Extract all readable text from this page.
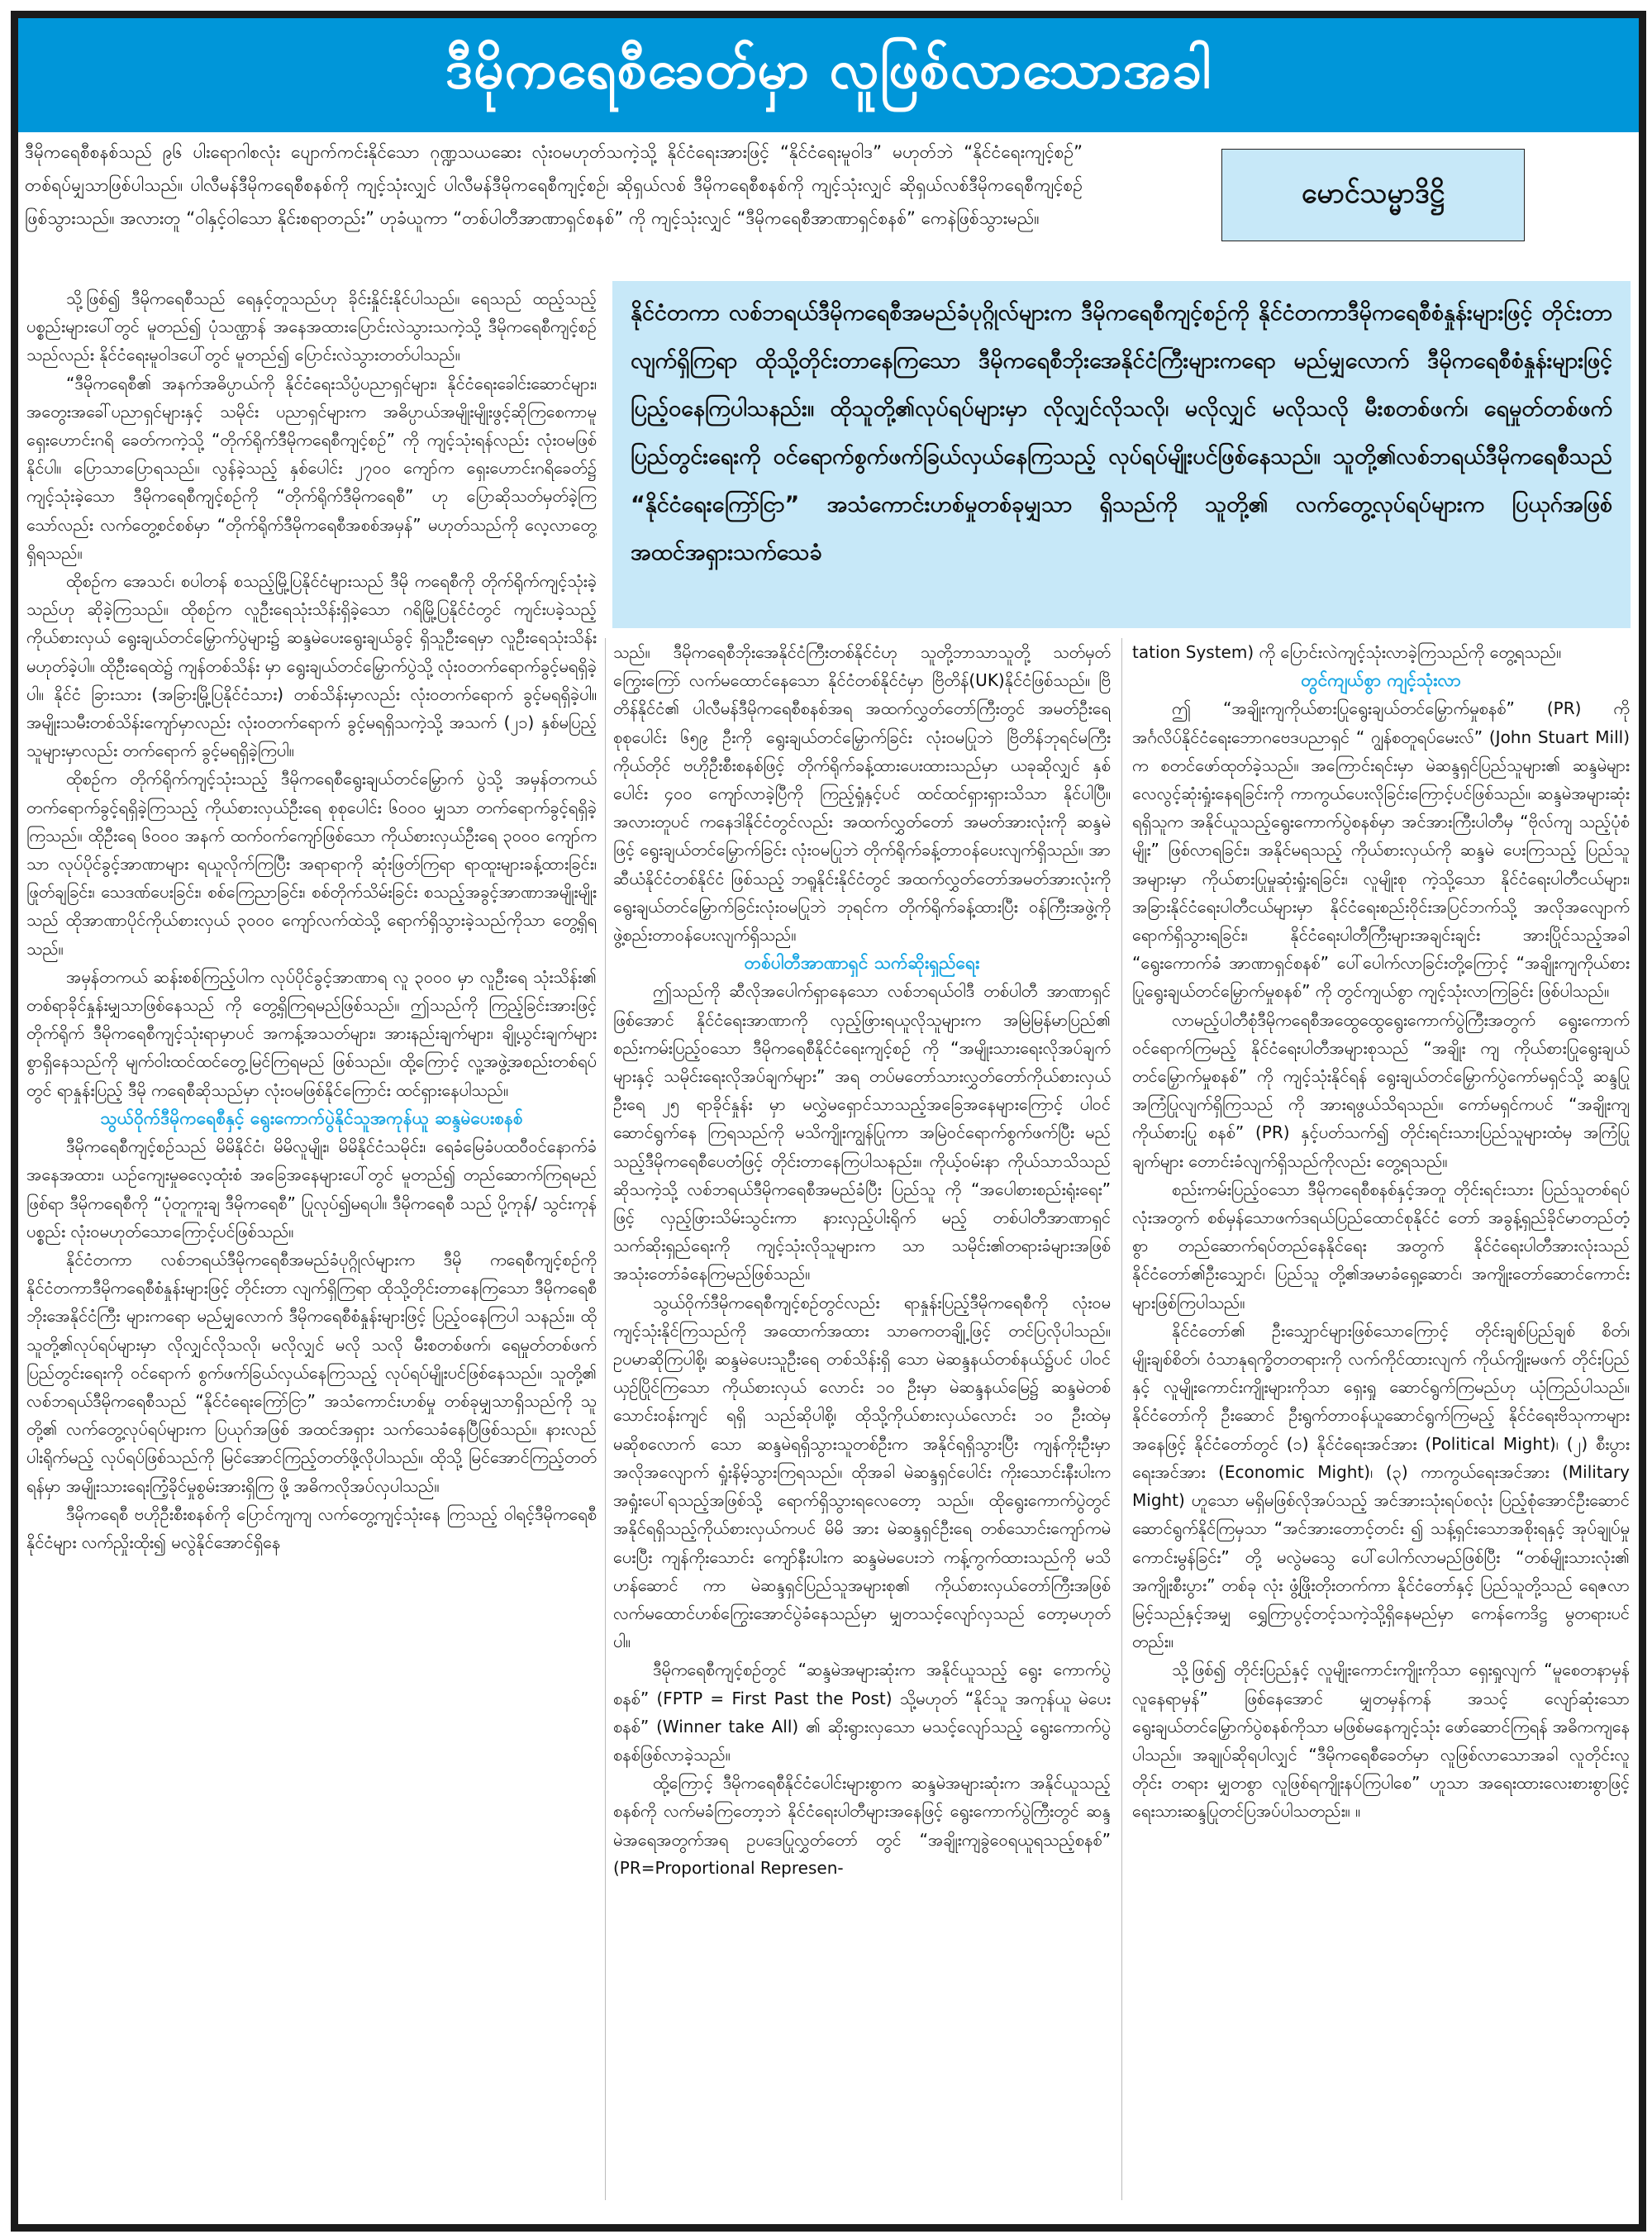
ဒီမိုကရေစီခေတ်မှာ လူဖြစ်လာသောအခါ
ဒီမိုကရေစီစနစ်သည် ၉၆ ပါးရောဂါစလုံး ပျောက်ကင်းနိုင်သော ဂုဏ္ဍသယဆေး လုံးဝမဟုတ်သကဲ့သို့ နိုင်ငံရေးအားဖြင့် “နိုင်ငံရေးမူဝါဒ” မဟုတ်ဘဲ “နိုင်ငံရေးကျင့်စဉ်” တစ်ရပ်မျှသာဖြစ်ပါသည်။ ပါလီမန်ဒီမိုကရေစီစနစ်ကို ကျင့်သုံးလျှင် ပါလီမန်ဒီမိုကရေစီကျင့်စဉ်၊ ဆိုရှယ်လစ် ဒီမိုကရေစီစနစ်ကို ကျင့်သုံးလျှင် ဆိုရှယ်လစ်ဒီမိုကရေစီကျင့်စဉ်ဖြစ်သွားသည်။ အလားတူ “ဝါနှင့်ဝါသော နိုင်းစရာတည်း” ဟုခံယူကာ “တစ်ပါတီအာဏာရှင်စနစ်” ကို ကျင့်သုံးလျှင် “ဒီမိုကရေစီအာဏာရှင်စနစ်” ကေနဲဖြစ်သွားမည်။
မောင်သမ္မာဒိဋ္ဌိ
နိုင်ငံတကာ လစ်ဘရယ်ဒီမိုကရေစီအမည်ခံပုဂ္ဂိုလ်များက ဒီမိုကရေစီကျင့်စဉ်ကို နိုင်ငံတကာဒီမိုကရေစီစံနှုန်းများဖြင့် တိုင်းတာလျက်ရှိကြရာ ထိုသို့တိုင်းတာနေကြသော ဒီမိုကရေစီဘိုးအေနိုင်ငံကြီးများကရော မည်မျှလောက် ဒီမိုကရေစီစံနှုန်းများဖြင့် ပြည့်ဝနေကြပါသနည်း။ ထိုသူတို့၏လုပ်ရပ်များမှာ လိုလျှင်လိုသလို၊ မလိုလျှင် မလိုသလို မီးစတစ်ဖက်၊ ရေမှုတ်တစ်ဖက် ပြည်တွင်းရေးကို ဝင်ရောက်စွက်ဖက်ခြယ်လှယ်နေကြသည့် လုပ်ရပ်မျိုးပင်ဖြစ်နေသည်။ သူတို့၏လစ်ဘရယ်ဒီမိုကရေစီသည် “နိုင်ငံရေးကြော်ငြာ” အသံကောင်းဟစ်မှုတစ်ခုမျှသာ ရှိသည်ကို သူတို့၏ လက်တွေ့လုပ်ရပ်များက ပြယုဂ်အဖြစ် အထင်အရှားသက်သေခံ

သို့ဖြစ်၍ ဒီမိုကရေစီသည် ရေနှင့်တူသည်ဟု ခိုင်းနှိုင်းနိုင်ပါသည်။ ရေသည် ထည့်သည့်ပစ္စည်းများပေါ်တွင် မူတည်၍ ပုံသဏ္ဌာန် အနေအထားပြောင်းလဲသွားသကဲ့သို့ ဒီမိုကရေစီကျင့်စဉ်သည်လည်း နိုင်ငံရေးမူဝါဒပေါ်တွင် မူတည်၍ ပြောင်းလဲသွားတတ်ပါသည်။

“ဒီမိုကရေစီ၏ အနက်အဓိပ္ပာယ်ကို နိုင်ငံရေးသိပ္ပံပညာရှင်များ၊ နိုင်ငံရေးခေါင်းဆောင်များ၊ အတွေးအခေါ်ပညာရှင်များနှင့် သမိုင်း ပညာရှင်များက အဓိပ္ပာယ်အမျိုးမျိုးဖွင့်ဆိုကြစေကာမူ ရှေးဟောင်းဂရိ ခေတ်ကကဲ့သို့ “တိုက်ရိုက်ဒီမိုကရေစီကျင့်စဉ်” ကို ကျင့်သုံးရန်လည်း လုံးဝမဖြစ်နိုင်ပါ။ ပြောသာပြောရသည်။ လွန်ခဲ့သည့် နှစ်ပေါင်း ၂၇၀၀ ကျော်က ရှေးဟောင်းဂရိခေတ်၌ ကျင့်သုံးခဲ့သော ဒီမိုကရေစီကျင့်စဉ်ကို “တိုက်ရိုက်ဒီမိုကရေစီ” ဟု ပြောဆိုသတ်မှတ်ခဲ့ကြသော်လည်း လက်တွေ့စင်စစ်မှာ “တိုက်ရိုက်ဒီမိုကရေစီအစစ်အမှန်” မဟုတ်သည်ကို လေ့လာတွေ့ရှိရသည်။

ထိုစဉ်က အေသင်၊ စပါတန် စသည့်မြို့ပြနိုင်ငံများသည် ဒီမို ကရေစီကို တိုက်ရိုက်ကျင့်သုံးခဲ့သည်ဟု ဆိုခဲ့ကြသည်။ ထိုစဉ်က လူဦးရေသုံးသိန်းရှိခဲ့သော ဂရိမြို့ပြနိုင်ငံတွင် ကျင်းပခဲ့သည့် ကိုယ်စားလှယ် ရွေးချယ်တင်မြှောက်ပွဲများ၌ ဆန္ဒမဲပေးရွေးချယ်ခွင့် ရှိသူဦးရေမှာ လူဦးရေသုံးသိန်းမဟုတ်ခဲ့ပါ။ ထိုဦးရေထဲ၌ ကျန်တစ်သိန်း မှာ ရွေးချယ်တင်မြှောက်ပွဲသို့ လုံးဝတက်ရောက်ခွင့်မရရှိခဲ့ပါ။ နိုင်ငံ ခြားသား (အခြားမြို့ပြနိုင်ငံသား) တစ်သိန်းမှာလည်း လုံးဝတက်ရောက် ခွင့်မရရှိခဲ့ပါ။ အမျိုးသမီးတစ်သိန်းကျော်မှာလည်း လုံးဝတက်ရောက် ခွင့်မရရှိသကဲ့သို့ အသက် (၂၁) နှစ်မပြည့်သူများမှာလည်း တက်ရောက် ခွင့်မရရှိခဲ့ကြပါ။

ထိုစဉ်က တိုက်ရိုက်ကျင့်သုံးသည့် ဒီမိုကရေစီရွေးချယ်တင်မြှောက် ပွဲသို့ အမှန်တကယ်တက်ရောက်ခွင့်ရရှိခဲ့ကြသည့် ကိုယ်စားလှယ်ဦးရေ စုစုပေါင်း ၆၀၀၀ မျှသာ တက်ရောက်ခွင့်ရရှိခဲ့ကြသည်။ ထိုဦးရေ ၆၀၀၀ အနက် ထက်ဝက်ကျော်ဖြစ်သော ကိုယ်စားလှယ်ဦးရေ ၃၀၀၀ ကျော်ကသာ လုပ်ပိုင်ခွင့်အာဏာများ ရယူလိုက်ကြပြီး အရာရာကို ဆုံးဖြတ်ကြရာ ရာထူးများခန့်ထားခြင်း၊ ဖြုတ်ချခြင်း၊ သေဒဏ်ပေးခြင်း၊ စစ်ကြေညာခြင်း၊ စစ်တိုက်သိမ်းခြင်း စသည့်အခွင့်အာဏာအမျိုးမျိုး သည် ထိုအာဏာပိုင်ကိုယ်စားလှယ် ၃၀၀၀ ကျော်လက်ထဲသို့ ရောက်ရှိသွားခဲ့သည်ကိုသာ တွေ့ရှိရသည်။

အမှန်တကယ် ဆန်းစစ်ကြည့်ပါက လုပ်ပိုင်ခွင့်အာဏာရ လူ ၃၀၀၀ မှာ လူဦးရေ သုံးသိန်း၏ တစ်ရာခိုင်နှုန်းမျှသာဖြစ်နေသည် ကို တွေ့ရှိကြရမည်ဖြစ်သည်။ ဤသည်ကို ကြည့်ခြင်းအားဖြင့် တိုက်ရိုက် ဒီမိုကရေစီကျင့်သုံးရာမှာပင် အကန့်အသတ်များ၊ အားနည်းချက်များ၊ ချို့ယွင်းချက်များစွာရှိနေသည်ကို မျက်ဝါးထင်ထင်တွေ့မြင်ကြရမည် ဖြစ်သည်။ ထို့ကြောင့် လူ့အဖွဲ့အစည်းတစ်ရပ်တွင် ရာနှုန်းပြည့် ဒီမို ကရေစီဆိုသည်မှာ လုံးဝမဖြစ်နိုင်ကြောင်း ထင်ရှားနေပါသည်။

သွယ်ဝိုက်ဒီမိုကရေစီနှင့် ရွေးကောက်ပွဲနိုင်သူအကုန်ယူ ဆန္ဒမဲပေးစနစ်

ဒီမိုကရေစီကျင့်စဉ်သည် မိမိနိုင်ငံ၊ မိမိလူမျိုး၊ မိမိနိုင်ငံသမိုင်း၊ ရေခံမြေခံပထဝီဝင်နောက်ခံအနေအထား၊ ယဉ်ကျေးမှုဓလေ့ထုံးစံ အခြေအနေများပေါ်တွင် မူတည်၍ တည်ဆောက်ကြရမည်ဖြစ်ရာ ဒီမိုကရေစီကို “ပုံတူကူးချ ဒီမိုကရေစီ” ပြုလုပ်၍မရပါ။ ဒီမိုကရေစီ သည် ပို့ကုန်/ သွင်းကုန်ပစ္စည်း လုံးဝမဟုတ်သောကြောင့်ပင်ဖြစ်သည်။

နိုင်ငံတကာ လစ်ဘရယ်ဒီမိုကရေစီအမည်ခံပုဂ္ဂိုလ်များက ဒီမို ကရေစီကျင့်စဉ်ကို နိုင်ငံတကာဒီမိုကရေစီစံနှုန်းများဖြင့် တိုင်းတာ လျက်ရှိကြရာ ထိုသို့တိုင်းတာနေကြသော ဒီမိုကရေစီဘိုးအေနိုင်ငံကြီး များကရော မည်မျှလောက် ဒီမိုကရေစီစံနှုန်းများဖြင့် ပြည့်ဝနေကြပါ သနည်း။ ထိုသူတို့၏လုပ်ရပ်များမှာ လိုလျှင်လိုသလို၊ မလိုလျှင် မလို သလို မီးစတစ်ဖက်၊ ရေမှုတ်တစ်ဖက် ပြည်တွင်းရေးကို ဝင်ရောက် စွက်ဖက်ခြယ်လှယ်နေကြသည့် လုပ်ရပ်မျိုးပင်ဖြစ်နေသည်။ သူတို့၏ လစ်ဘရယ်ဒီမိုကရေစီသည် “နိုင်ငံရေးကြော်ငြာ” အသံကောင်းဟစ်မှု တစ်ခုမျှသာရှိသည်ကို သူတို့၏ လက်တွေ့လုပ်ရပ်များက ပြယုဂ်အဖြစ် အထင်အရှား သက်သေခံနေပြီဖြစ်သည်။ နားလည်ပါးရိုက်မည့် လုပ်ရပ်ဖြစ်သည်ကို မြင်အောင်ကြည့်တတ်ဖို့လိုပါသည်။ ထိုသို့ မြင်အောင်ကြည့်တတ်ရန်မှာ အမျိုးသားရေးကြံ့ခိုင်မှုစွမ်းအားရှိကြ ဖို့ အဓိကလိုအပ်လှပါသည်။

ဒီမိုကရေစီ ဗဟိုဦးစီးစနစ်ကို ပြောင်ကျကျ လက်တွေ့ကျင့်သုံးနေ ကြသည့် ဝါရင့်ဒီမိုကရေစီနိုင်ငံများ လက်ညှိုးထိုး၍ မလွဲနိုင်အောင်ရှိနေ

သည်။ ဒီမိုကရေစီဘိုးအေနိုင်ငံကြီးတစ်နိုင်ငံဟု သူတို့ဘာသာသူတို့ သတ်မှတ်ကြွေးကြော် လက်မထောင်နေသော နိုင်ငံတစ်နိုင်ငံမှာ ဗြိတိန်(UK)နိုင်ငံဖြစ်သည်။ ဗြိတိန်နိုင်ငံ၏ ပါလီမန်ဒီမိုကရေစီစနစ်အရ အထက်လွှတ်တော်ကြီးတွင် အမတ်ဦးရေ စုစုပေါင်း ၆၅၉ ဦးကို ရွေးချယ်တင်မြှောက်ခြင်း လုံးဝမပြုဘဲ ဗြိတိန်ဘုရင်မကြီးကိုယ်တိုင် ဗဟိုဦးစီးစနစ်ဖြင့် တိုက်ရိုက်ခန့်ထားပေးထားသည်မှာ ယခုဆိုလျှင် နှစ်ပေါင်း ၄၀၀ ကျော်လာခဲ့ပြီကို ကြည့်ရှုံနှင့်ပင် ထင်ထင်ရှားရှားသိသာ နိုင်ပါပြီ။ အလားတူပင် ကနေဒါနိုင်ငံတွင်လည်း အထက်လွှတ်တော် အမတ်အားလုံးကို ဆန္ဒမဲဖြင့် ရွေးချယ်တင်မြှောက်ခြင်း လုံးဝမပြုဘဲ တိုက်ရိုက်ခန့်တာဝန်ပေးလျက်ရှိသည်။ အာဆီယံနိုင်ငံတစ်နိုင်ငံ ဖြစ်သည့် ဘရူနိုင်းနိုင်ငံတွင် အထက်လွှတ်တော်အမတ်အားလုံးကို ရွေးချယ်တင်မြှောက်ခြင်းလုံးဝမပြုဘဲ ဘုရင်က တိုက်ရိုက်ခန့်ထားပြီး ဝန်ကြီးအဖွဲ့ကို ဖွဲ့စည်းတာဝန်ပေးလျက်ရှိသည်။

တစ်ပါတီအာဏာရှင် သက်ဆိုးရှည်ရေး

ဤသည်ကို ဆီလိုအပေါက်ရှာနေသော လစ်ဘရယ်ဝါဒီ တစ်ပါတီ အာဏာရှင်ဖြစ်အောင် နိုင်ငံရေးအာဏာကို လှည့်ဖြားရယူလိုသူများက အမြဲမြန်မာပြည်၏ စည်းကမ်းပြည့်ဝသော ဒီမိုကရေစီနိုင်ငံရေးကျင့်စဉ် ကို “အမျိုးသားရေးလိုအပ်ချက်များနှင့် သမိုင်းရေးလိုအပ်ချက်များ” အရ တပ်မတော်သားလွှတ်တော်ကိုယ်စားလှယ်ဦးရေ ၂၅ ရာခိုင်နှုန်း မှာ မလွှဲမရှောင်သာသည့်အခြေအနေများကြောင့် ပါဝင်ဆောင်ရွက်နေ ကြရသည်ကို မသိကျိုးကျွန်ပြုကာ အမြဲဝင်ရောက်စွက်ဖက်ပြီး မည်သည့်ဒီမိုကရေစီပေတံဖြင့် တိုင်းတာနေကြပါသနည်း။ ကိုယ့်ဝမ်းနာ ကိုယ်သာသိသည်ဆိုသကဲ့သို့ လစ်ဘရယ်ဒီမိုကရေစီအမည်ခံပြီး ပြည်သူ ကို “အပေါစားစည်းရုံးရေး” ဖြင့် လှည့်ဖြားသိမ်းသွင်းကာ နားလှည့်ပါးရိုက် မည့် တစ်ပါတီအာဏာရှင် သက်ဆိုးရှည်ရေးကို ကျင့်သုံးလိုသူများက သာ သမိုင်း၏တရားခံများအဖြစ် အသုံးတော်ခံနေကြမည်ဖြစ်သည်။

သွယ်ဝိုက်ဒီမိုကရေစီကျင့်စဉ်တွင်လည်း ရာနှုန်းပြည့်ဒီမိုကရေစီကို လုံးဝမကျင့်သုံးနိုင်ကြသည်ကို အထောက်အထား သာဓကတချို့ဖြင့် တင်ပြလိုပါသည်။ ဥပမာဆိုကြပါစို့၊ ဆန္ဒမဲပေးသူဦးရေ တစ်သိန်းရှိ သော မဲဆန္ဒနယ်တစ်နယ်၌ပင် ပါဝင်ယှဉ်ပြိုင်ကြသော ကိုယ်စားလှယ် လောင်း ၁၀ ဦးမှာ မဲဆန္ဒနယ်မြေ၌ ဆန္ဒမဲတစ်သောင်းဝန်းကျင် ရရှိ သည်ဆိုပါစို့၊ ထိုသို့ကိုယ်စားလှယ်လောင်း ၁၀ ဦးထဲမှ မဆိုစလောက် သော ဆန္ဒမဲရရှိသွားသူတစ်ဦးက အနိုင်ရရှိသွားပြီး ကျန်ကိုးဦးမှာ အလိုအလျောက် ရှုံးနိမ့်သွားကြရသည်။ ထိုအခါ မဲဆန္ဒရှင်ပေါင်း ကိုးသောင်းနီးပါးက အရှုံးပေါ်ရသည့်အဖြစ်သို့ ရောက်ရှိသွားရလေတော့ သည်။ ထိုရွေးကောက်ပွဲတွင် အနိုင်ရရှိသည့်ကိုယ်စားလှယ်ကပင် မိမိ အား မဲဆန္ဒရှင်ဦးရေ တစ်သောင်းကျော်ကမဲပေးပြီး ကျန်ကိုးသောင်း ကျော်နီးပါးက ဆန္ဒမဲမပေးဘဲ ကန့်ကွက်ထားသည်ကို မသိဟန်ဆောင် ကာ မဲဆန္ဒရှင်ပြည်သူအများစု၏ ကိုယ်စားလှယ်တော်ကြီးအဖြစ် လက်မထောင်ဟစ်ကြွေးအောင်ပွဲခံနေသည်မှာ မျှတသင့်လျော်လှသည် တော့မဟုတ်ပါ။

ဒီမိုကရေစီကျင့်စဉ်တွင် “ဆန္ဒမဲအများဆုံးက အနိုင်ယူသည့် ရွေး ကောက်ပွဲစနစ်” (FPTP = First Past the Post) သို့မဟုတ် “နိုင်သူ အကုန်ယူ မဲပေးစနစ်” (Winner take All) ၏ ဆိုးရွားလှသော မသင့်လျော်သည့် ရွေးကောက်ပွဲစနစ်ဖြစ်လာခဲ့သည်။

ထို့ကြောင့် ဒီမိုကရေစီနိုင်ငံပေါင်းများစွာက ဆန္ဒမဲအများဆုံးက အနိုင်ယူသည့်စနစ်ကို လက်မခံကြတော့ဘဲ နိုင်ငံရေးပါတီများအနေဖြင့် ရွေးကောက်ပွဲကြီးတွင် ဆန္ဒမဲအရေအတွက်အရ ဥပဒေပြုလွှတ်တော် တွင် “အချိုးကျခွဲဝေရယူရသည့်စနစ်” (PR=Proportional Represen-

tation System) ကို ပြောင်းလဲကျင့်သုံးလာခဲ့ကြသည်ကို တွေ့ရသည်။

တွင်ကျယ်စွာ ကျင့်သုံးလာ

ဤ “အချိုးကျကိုယ်စားပြုရွေးချယ်တင်မြှောက်မှုစနစ်” (PR) ကို အင်္ဂလိပ်နိုင်ငံရေးဘောဂဗေဒပညာရှင် “ ဂျွန်စတူရပ်မေးလ်” (John Stuart Mill) က စတင်ဖော်ထုတ်ခဲ့သည်။ အကြောင်းရင်းမှာ မဲဆန္ဒရှင်ပြည်သူများ၏ ဆန္ဒမဲများလေလွင့်ဆုံးရှုံးနေရခြင်းကို ကာကွယ်ပေးလိုခြင်းကြောင့်ပင်ဖြစ်သည်။ ဆန္ဒမဲအများဆုံးရရှိသူက အနိုင်ယူသည့်ရွေးကောက်ပွဲစနစ်မှာ အင်အားကြီးပါတီမှ “ဗိုလ်ကျ သည့်ပုံစံမျိုး” ဖြစ်လာရခြင်း၊ အနိုင်မရသည့် ကိုယ်စားလှယ်ကို ဆန္ဒမဲ ပေးကြသည့် ပြည်သူအများမှာ ကိုယ်စားပြုမှုဆုံးရှုံးရခြင်း၊ လူမျိုးစု ကဲ့သို့သော နိုင်ငံရေးပါတီငယ်များ၊ အခြားနိုင်ငံရေးပါတီငယ်များမှာ နိုင်ငံရေးစည်းဝိုင်းအပြင်ဘက်သို့ အလိုအလျောက်ရောက်ရှိသွားရခြင်း၊ နိုင်ငံရေးပါတီကြီးများအချင်းချင်း အားပြိုင်သည့်အခါ “ရွေးကောက်ခံ အာဏာရှင်စနစ်” ပေါ်ပေါက်လာခြင်းတို့ကြောင့် “အချိုးကျကိုယ်စား ပြုရွေးချယ်တင်မြှောက်မှုစနစ်” ကို တွင်ကျယ်စွာ ကျင့်သုံးလာကြခြင်း ဖြစ်ပါသည်။

လာမည့်ပါတီစုံဒီမိုကရေစီအထွေထွေရွေးကောက်ပွဲကြီးအတွက် ရွေးကောက်ဝင်ရောက်ကြမည့် နိုင်ငံရေးပါတီအများစုသည် “အချိုး ကျ ကိုယ်စားပြုရွေးချယ်တင်မြှောက်မှုစနစ်” ကို ကျင့်သုံးနိုင်ရန် ရွေးချယ်တင်မြှောက်ပွဲကော်မရှင်သို့ ဆန္ဒပြု အကြံပြုလျက်ရှိကြသည် ကို အားရဖွယ်သိရသည်။ ကော်မရှင်ကပင် “အချိုးကျကိုယ်စားပြု စနစ်” (PR) နှင့်ပတ်သက်၍ တိုင်းရင်းသားပြည်သူများထံမှ အကြံပြု ချက်များ တောင်းခံလျက်ရှိသည်ကိုလည်း တွေ့ရသည်။

စည်းကမ်းပြည့်ဝသော ဒီမိုကရေစီစနစ်နှင့်အတူ တိုင်းရင်းသား ပြည်သူတစ်ရပ်လုံးအတွက် စစ်မှန်သောဖက်ဒရယ်ပြည်ထောင်စုနိုင်ငံ တော် အခွန့်ရှည်ခိုင်မာတည်တံ့စွာ တည်ဆောက်ရပ်တည်နေနိုင်ရေး အတွက် နိုင်ငံရေးပါတီအားလုံးသည် နိုင်ငံတော်၏ဦးသျှောင်၊ ပြည်သူ တို့၏အမာခံရှေ့ဆောင်၊ အကျိုးတော်ဆောင်ကောင်းများဖြစ်ကြပါသည်။

နိုင်ငံတော်၏ ဦးသျှောင်များဖြစ်သောကြောင့် တိုင်းချစ်ပြည်ချစ် စိတ်၊ မျိုးချစ်စိတ်၊ ဝံသာနုရက္ခိတတရားကို လက်ကိုင်ထားလျက် ကိုယ်ကျိုးမဖက် တိုင်းပြည်နှင့် လူမျိုးကောင်းကျိုးများကိုသာ ရှေးရှု ဆောင်ရွက်ကြမည်ဟု ယုံကြည်ပါသည်။ နိုင်ငံတော်ကို ဦးဆောင် ဦးရွက်တာဝန်ယူဆောင်ရွက်ကြမည့် နိုင်ငံရေးဗိသုကာများအနေဖြင့် နိုင်ငံတော်တွင် (၁) နိုင်ငံရေးအင်အား (Political Might)၊ (၂) စီးပွား ရေးအင်အား (Economic Might)၊ (၃) ကာကွယ်ရေးအင်အား (Military Might) ဟူသော မရှိမဖြစ်လိုအပ်သည့် အင်အားသုံးရပ်စလုံး ပြည့်စုံအောင်ဦးဆောင်ဆောင်ရွက်နိုင်ကြမှသာ “အင်အားတောင့်တင်း ၍ သန့်ရှင်းသောအစိုးရနှင့် အုပ်ချုပ်မှုကောင်းမွန်ခြင်း” တို့ မလွဲမသွေ ပေါ်ပေါက်လာမည်ဖြစ်ပြီး “တစ်မျိုးသားလုံး၏ အကျိုးစီးပွား” တစ်ခု လုံး ဖွံ့ဖြိုးတိုးတက်ကာ နိုင်ငံတော်နှင့် ပြည်သူတို့သည် ရေဇလာ မြင့်သည်နှင့်အမျှ ရွှေကြာပွင့်တင့်သကဲ့သို့ရှိနေမည်မှာ ကေန်ကေဒိဋ္ဌ မွတရားပင်တည်း။

သို့ဖြစ်၍ တိုင်းပြည်နှင့် လူမျိုးကောင်းကျိုးကိုသာ ရှေးရှုလျက် “မူစေတနာမှန် လူနေရာမှန်” ဖြစ်နေအောင် မျှတမှန်ကန် အသင့် လျော်ဆုံးသော ရွေးချယ်တင်မြှောက်ပွဲစနစ်ကိုသာ မဖြစ်မနေကျင့်သုံး ဖော်ဆောင်ကြရန် အဓိကကျနေပါသည်။ အချုပ်ဆိုရပါလျှင် “ဒီမိုကရေစီခေတ်မှာ လူဖြစ်လာသောအခါ လူတိုင်းလူတိုင်း တရား မျှတစွာ လူဖြစ်ရကျိုးနပ်ကြပါစေ” ဟူသာ အရေးထားလေးစားစွာဖြင့် ရေးသားဆန္ဒပြုတင်ပြအပ်ပါသတည်း။ ။
